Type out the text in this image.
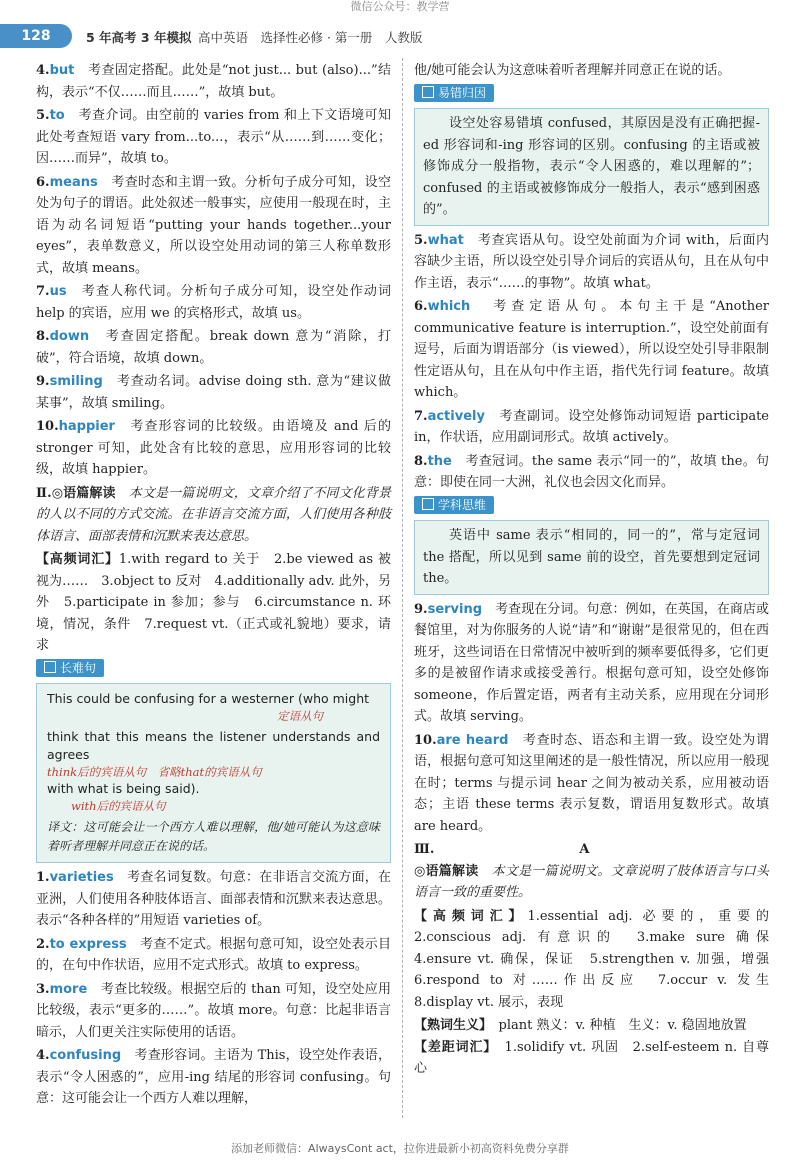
微信公众号：教学营
128	5 年高考 3 年模拟 高中英语　选择性必修 · 第一册　人教版

4.but　 考查固定搭配。此处是“not just... but (also)...”结构，表示“不仅……而且……”，故填 but。

5.to　 考查介词。由空前的 varies from 和上下文语境可知此处考查短语 vary from...to...，表示“从……到……变化；因……而异”，故填 to。

6.means　 考查时态和主谓一致。分析句子成分可知，设空处为句子的谓语。此处叙述一般事实，应使用一般现在时，主语为动名词短语“putting your hands together...your eyes”，表单数意义，所以设空处用动词的第三人称单数形式，故填 means。

7.us　 考查人称代词。分析句子成分可知，设空处作动词 help 的宾语，应用 we 的宾格形式，故填 us。

8.down　 考查固定搭配。break down 意为“消除，打破”，符合语境，故填 down。

9.smiling　 考查动名词。advise doing sth. 意为“建议做某事”，故填 smiling。

10.happier　 考查形容词的比较级。由语境及 and 后的 stronger 可知，此处含有比较的意思，应用形容词的比较级，故填 happier。

Ⅱ.◎语篇解读　 本文是一篇说明文，文章介绍了不同文化背景的人以不同的方式交流。在非语言交流方面，人们使用各种肢体语言、面部表情和沉默来表达意思。

【高频词汇】1.with regard to 关于　2.be viewed as 被视为……　3.object to 反对　4.additionally adv. 此外，另外　5.participate in 参加；参与　6.circumstance n. 环境，情况，条件　7.request vt.（正式或礼貌地）要求，请求

长难句
This could be confusing for a westerner (who might
定语从句
think that this means the listener understands and agrees
think后的宾语从句　省略that的宾语从句
with what is being said).
with后的宾语从句
译文：这可能会让一个西方人难以理解，他/她可能认为这意味着听者理解并同意正在说的话。

1.varieties　 考查名词复数。句意：在非语言交流方面，在亚洲，人们使用各种肢体语言、面部表情和沉默来表达意思。表示“各种各样的”用短语 varieties of。

2.to express　 考查不定式。根据句意可知，设空处表示目的，在句中作状语，应用不定式形式。故填 to express。

3.more　 考查比较级。根据空后的 than 可知，设空处应用比较级，表示“更多的……”。故填 more。句意：比起非语言暗示，人们更关注实际使用的话语。

4.confusing　 考查形容词。主语为 This，设空处作表语，表示“令人困惑的”，应用-ing 结尾的形容词 confusing。句意：这可能会让一个西方人难以理解，

他/她可能会认为这意味着听者理解并同意正在说的话。

易错归因
设空处容易错填 confused，其原因是没有正确把握-ed 形容词和-ing 形容词的区别。confusing 的主语或被修饰成分一般指物，表示“令人困惑的，难以理解的”；confused 的主语或被修饰成分一般指人，表示“感到困惑的”。

5.what　 考查宾语从句。设空处前面为介词 with，后面内容缺少主语，所以设空处引导介词后的宾语从句，且在从句中作主语，表示“……的事物”。故填 what。

6.which　 考查定语从句。本句主干是“Another communicative feature is interruption.”，设空处前面有逗号，后面为谓语部分（is viewed），所以设空处引导非限制性定语从句，且在从句中作主语，指代先行词 feature。故填 which。

7.actively　 考查副词。设空处修饰动词短语 participate in，作状语，应用副词形式。故填 actively。

8.the　 考查冠词。the same 表示“同一的”，故填 the。句意：即使在同一大洲，礼仪也会因文化而异。

学科思维
英语中 same 表示“相同的，同一的”，常与定冠词 the 搭配，所以见到 same 前的设空，首先要想到定冠词 the。

9.serving　 考查现在分词。句意：例如，在英国，在商店或餐馆里，对为你服务的人说“请”和“谢谢”是很常见的，但在西班牙，这些词语在日常情况中被听到的频率要低得多，它们更多的是被留作请求或接受善行。根据句意可知，设空处修饰 someone，作后置定语，两者有主动关系，应用现在分词形式。故填 serving。

10.are heard　 考查时态、语态和主谓一致。设空处为谓语，根据句意可知这里阐述的是一般性情况，所以应用一般现在时；terms 与提示词 hear 之间为被动关系，应用被动语态；主语 these terms 表示复数，谓语用复数形式。故填 are heard。

Ⅲ.	A

◎语篇解读　 本文是一篇说明文。文章说明了肢体语言与口头语言一致的重要性。

【高频词汇】1.essential adj. 必要的，重要的　2.conscious adj. 有意识的　3.make sure 确保　4.ensure vt. 确保，保证　5.strengthen v. 加强，增强　6.respond to 对……作出反应　7.occur v. 发生　8.display vt. 展示，表现

【熟词生义】　 plant 熟义：v. 种植　生义：v. 稳固地放置

【差距词汇】　 1.solidify vt. 巩固　2.self-esteem n. 自尊心

添加老师微信：AlwaysCont act，拉你进最新小初高资料免费分享群
